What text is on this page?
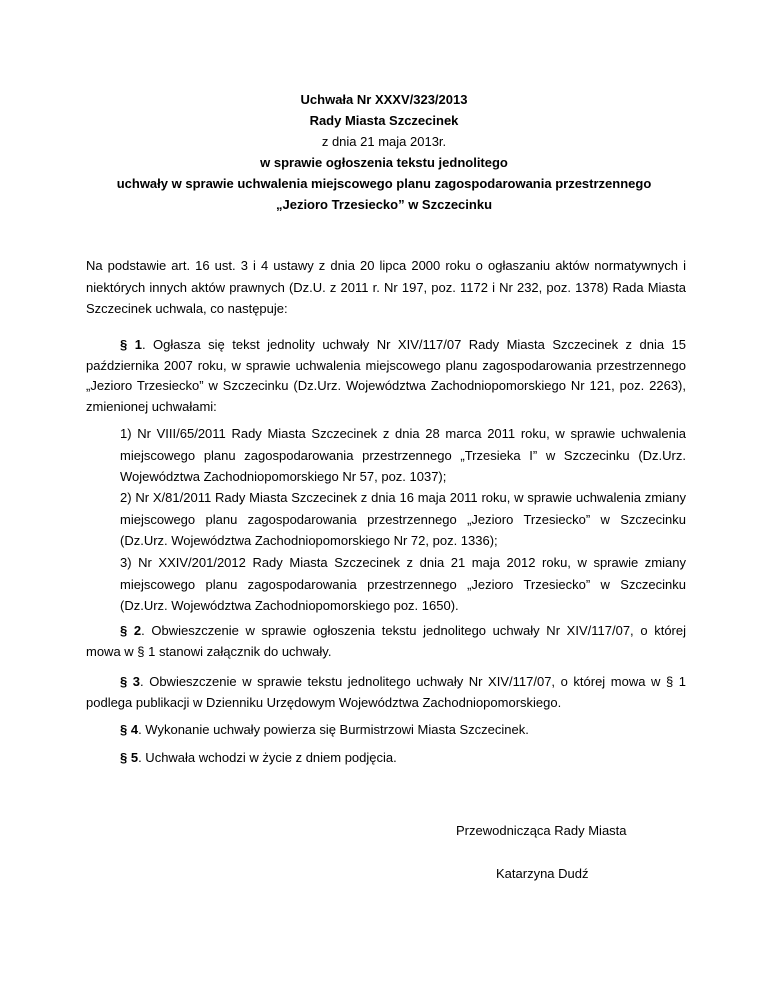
Uchwała Nr XXXV/323/2013
Rady Miasta Szczecinek
z dnia 21 maja 2013r.
w sprawie ogłoszenia tekstu jednolitego
uchwały w sprawie uchwalenia miejscowego planu zagospodarowania przestrzennego
„Jezioro Trzesiecko” w Szczecinku
Na podstawie art. 16 ust. 3 i 4 ustawy z dnia 20 lipca 2000 roku o ogłaszaniu aktów normatywnych i niektórych innych aktów prawnych (Dz.U. z 2011 r. Nr 197, poz. 1172 i Nr 232, poz. 1378) Rada Miasta Szczecinek uchwala, co następuje:
§ 1. Ogłasza się tekst jednolity uchwały Nr XIV/117/07 Rady Miasta Szczecinek z dnia 15 października 2007 roku, w sprawie uchwalenia miejscowego planu zagospodarowania przestrzennego „Jezioro Trzesiecko” w Szczecinku (Dz.Urz. Województwa Zachodniopomorskiego Nr 121, poz. 2263), zmienionej uchwałami:
1) Nr VIII/65/2011 Rady Miasta Szczecinek z dnia 28 marca 2011 roku, w sprawie uchwalenia miejscowego planu zagospodarowania przestrzennego „Trzesieka I” w Szczecinku (Dz.Urz. Województwa Zachodniopomorskiego Nr 57, poz. 1037);
2) Nr X/81/2011 Rady Miasta Szczecinek z dnia 16 maja 2011 roku, w sprawie uchwalenia zmiany miejscowego planu zagospodarowania przestrzennego „Jezioro Trzesiecko” w Szczecinku (Dz.Urz. Województwa Zachodniopomorskiego Nr 72, poz. 1336);
3) Nr XXIV/201/2012 Rady Miasta Szczecinek z dnia 21 maja 2012 roku, w sprawie zmiany miejscowego planu zagospodarowania przestrzennego „Jezioro Trzesiecko” w Szczecinku (Dz.Urz. Województwa Zachodniopomorskiego poz. 1650).
§ 2. Obwieszczenie w sprawie ogłoszenia tekstu jednolitego uchwały Nr XIV/117/07, o której mowa w § 1 stanowi załącznik do uchwały.
§ 3. Obwieszczenie w sprawie tekstu jednolitego uchwały Nr XIV/117/07, o której mowa w § 1 podlega publikacji w Dzienniku Urzędowym Województwa Zachodniopomorskiego.
§ 4. Wykonanie uchwały powierza się Burmistrzowi Miasta Szczecinek.
§ 5. Uchwała wchodzi w życie z dniem podjęcia.
Przewodnicząca Rady Miasta
Katarzyna Dudź
